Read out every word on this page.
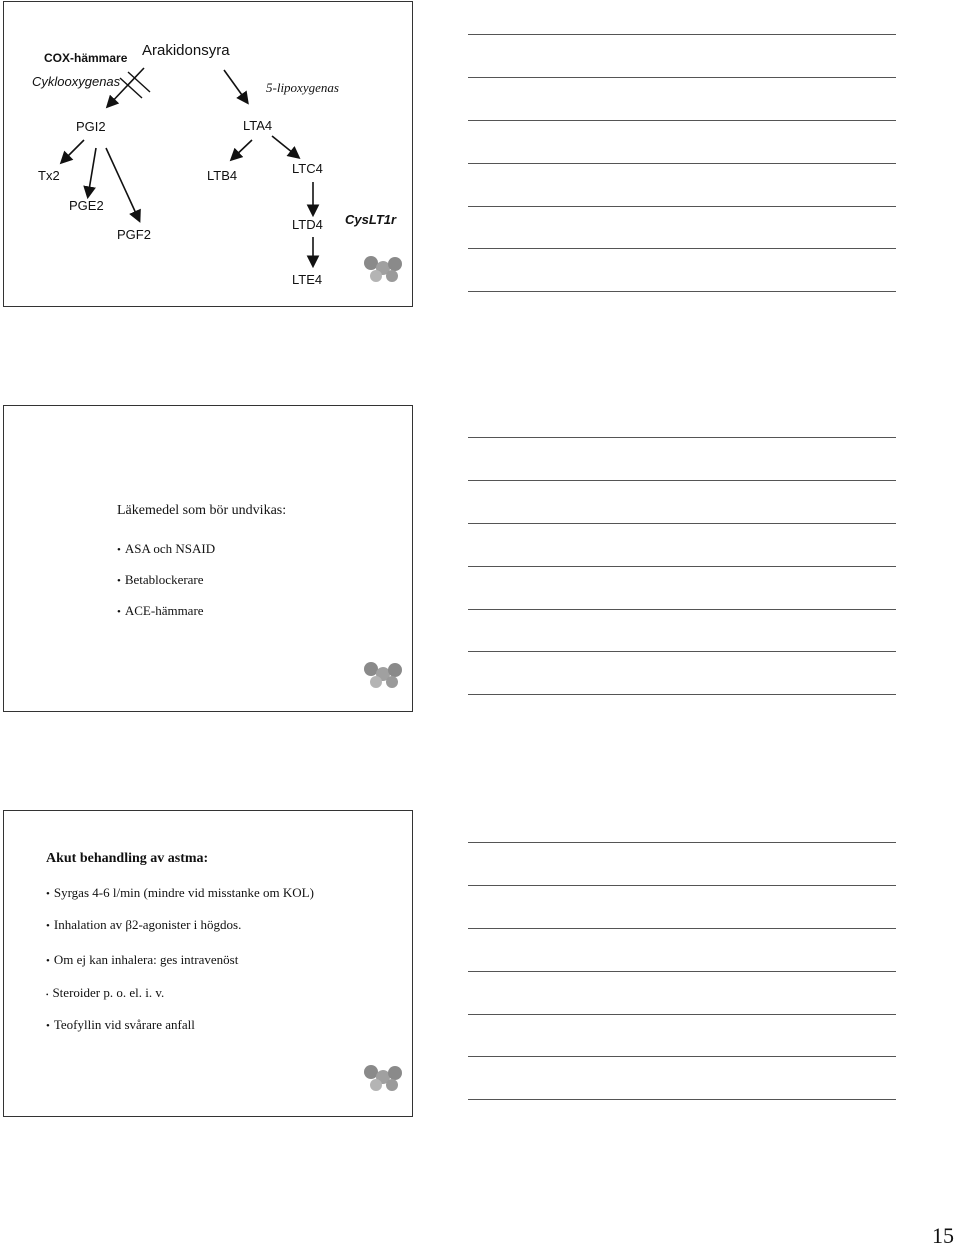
COX-hämmare Arakidonsyra
Cyklooxygenas	5-lipoxygenas
PGI2	LTA4
Tx2	LTB4	LTC4
PGE2
LTD4 CysLT1r
PGF2
LTE4
Läkemedel som bör undvikas:
• ASA och NSAID
• Betablockerare
• ACE-hämmare
Akut behandling av astma:
• Syrgas 4-6 l/min (mindre vid misstanke om KOL)
• Inhalation av β2-agonister i högdos.
• Om ej kan inhalera: ges intravenöst
• Steroider p. o. el. i. v.
• Teofyllin vid svårare anfall
15
